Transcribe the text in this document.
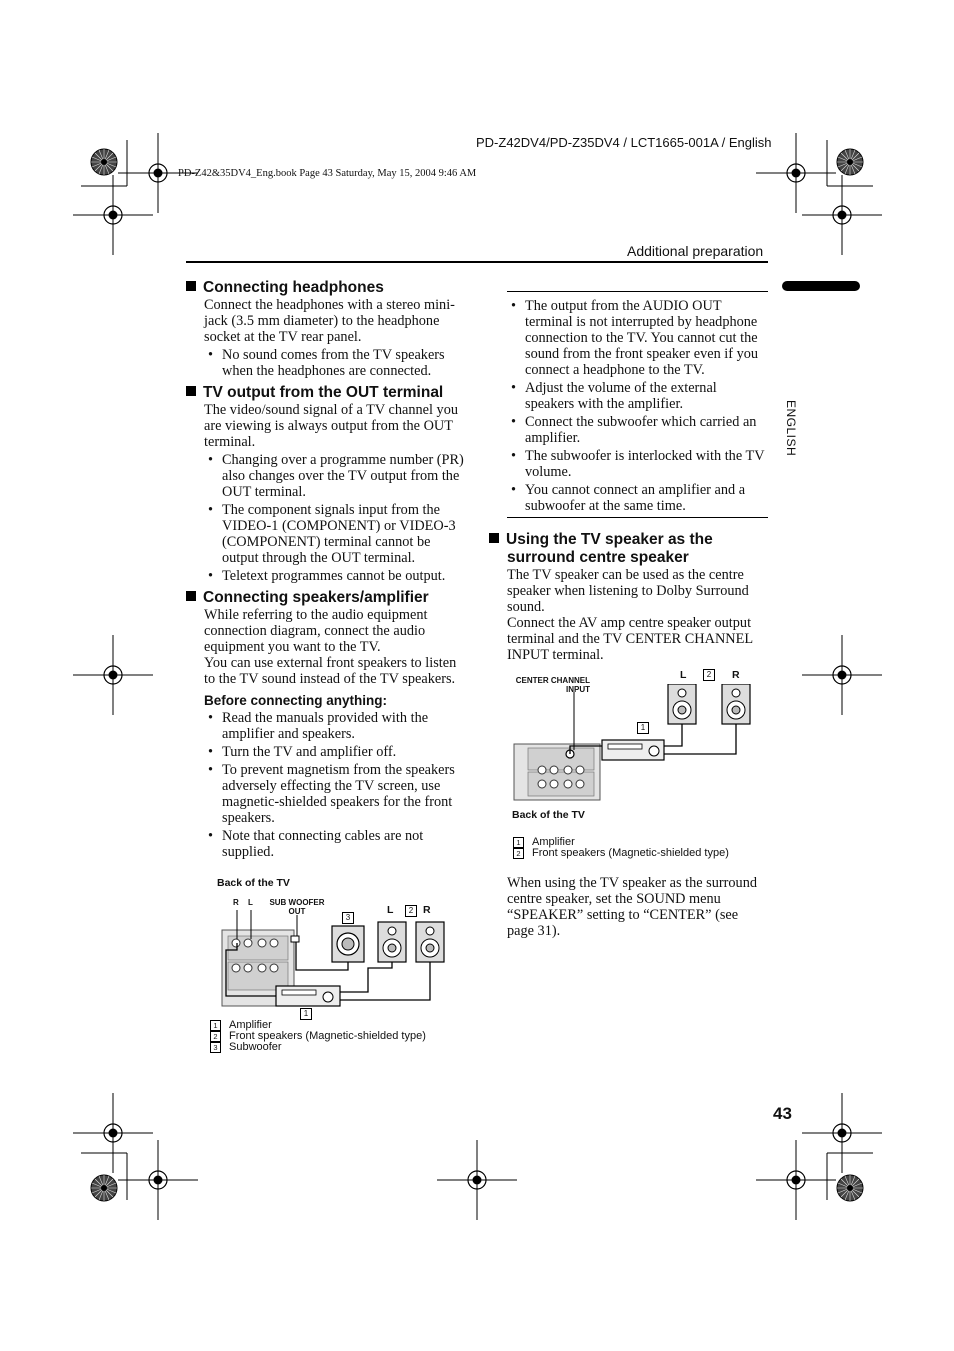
PD-Z42DV4/PD-Z35DV4 / LCT1665-001A / English
PD-Z42&35DV4_Eng.book Page 43 Saturday, May 15, 2004 9:46 AM
Additional preparation
ENGLISH
Connecting headphones
Connect the headphones with a stereo mini-jack (3.5 mm diameter) to the headphone socket at the TV rear panel.
• No sound comes from the TV speakers when the headphones are connected.
TV output from the OUT terminal
The video/sound signal of a TV channel you are viewing is always output from the OUT terminal.
• Changing over a programme number (PR) also changes over the TV output from the OUT terminal.
• The component signals input from the VIDEO-1 (COMPONENT) or VIDEO-3 (COMPONENT) terminal cannot be output through the OUT terminal.
• Teletext programmes cannot be output.
Connecting speakers/amplifier
While referring to the audio equipment connection diagram, connect the audio equipment you want to the TV.
You can use external front speakers to listen to the TV sound instead of the TV speakers.
Before connecting anything:
• Read the manuals provided with the amplifier and speakers.
• Turn the TV and amplifier off.
• To prevent magnetism from the speakers adversely effecting the TV screen, use magnetic-shielded speakers for the front speakers.
• Note that connecting cables are not supplied.
Back of the TV
R L	SUB WOOFER OUT	L	2 R
3
1
1	Amplifier
2	Front speakers (Magnetic-shielded type)
3	Subwoofer
• The output from the AUDIO OUT terminal is not interrupted by headphone connection to the TV. You cannot cut the sound from the front speaker even if you connect a headphone to the TV.
• Adjust the volume of the external speakers with the amplifier.
• Connect the subwoofer which carried an amplifier.
• The subwoofer is interlocked with the TV volume.
• You cannot connect an amplifier and a subwoofer at the same time.
Using the TV speaker as the surround centre speaker
The TV speaker can be used as the centre speaker when listening to Dolby Surround sound.
Connect the AV amp centre speaker output terminal and the TV CENTER CHANNEL INPUT terminal.
CENTER CHANNEL INPUT
L	2	R
1
Back of the TV
1	Amplifier
2	Front speakers (Magnetic-shielded type)
When using the TV speaker as the surround centre speaker, set the SOUND menu “SPEAKER” setting to “CENTER” (see page 31).
43
